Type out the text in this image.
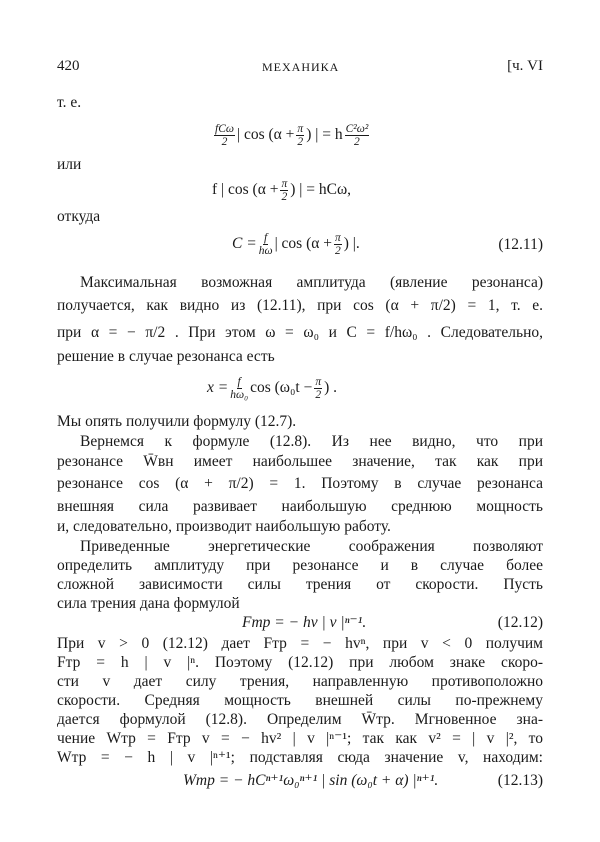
420	МЕХАНИКА	[ч. VI
т. е.
fCω
2 | $\cos (\alpha + \frac{\pi}{2}$ ) | = h $\frac{\text{C²ω²}}{2}$
или
f | $\cos (\alpha + \frac{\pi}{2}$ ) | = hCω,
откуда
$C = \frac{f}{h\omega}$ | $\cos (\alpha + \frac{\pi}{2}$ ) |.	(12.11)
Максимальная возможная амплитуда (явление резонанса)
получается, как видно из (12.11), при cos (α + π/2) = 1, т. е.
при α = − π/2 . При этом ω = ω₀ и C = f/hω₀ . Следовательно,
решение в случае резонанса есть
$x = \frac{f}{\text{hω₀}}$ $\cos (\omega_0t - \frac{\pi}{2}$ ) .
Мы опять получили формулу (12.7).
Вернемся к формуле (12.8). Из нее видно, что при
резонансе W̄вн имеет наибольшее значение, так как при
резонансе cos (α + π/2) = 1. Поэтому в случае резонанса
внешняя сила развивает наибольшую среднюю мощность
и, следовательно, производит наибольшую работу.
Приведенные энергетические соображения позволяют
определить амплитуду при резонансе и в случае более
сложной зависимости силы трения от скорости. Пусть
сила трения дана формулой
Fтр = − hv | v |ⁿ⁻¹.	(12.12)
При v > 0 (12.12) дает Fтр = − hvⁿ, при v < 0 получим
Fтр = h | v |ⁿ. Поэтому (12.12) при любом знаке скоро-
сти v дает силу трения, направленную противоположно
скорости. Средняя мощность внешней силы по-прежнему
дается формулой (12.8). Определим W̄тр. Мгновенное зна-
чение Wтр = Fтр v = − hv² | v |ⁿ⁻¹; так как v² = | v |², то
Wтр = − h | v |ⁿ⁺¹; подставляя сюда значение v, находим:
Wтр = − hCⁿ⁺¹ω₀ⁿ⁺¹ | sin (ω₀t + α) |ⁿ⁺¹.	(12.13)
